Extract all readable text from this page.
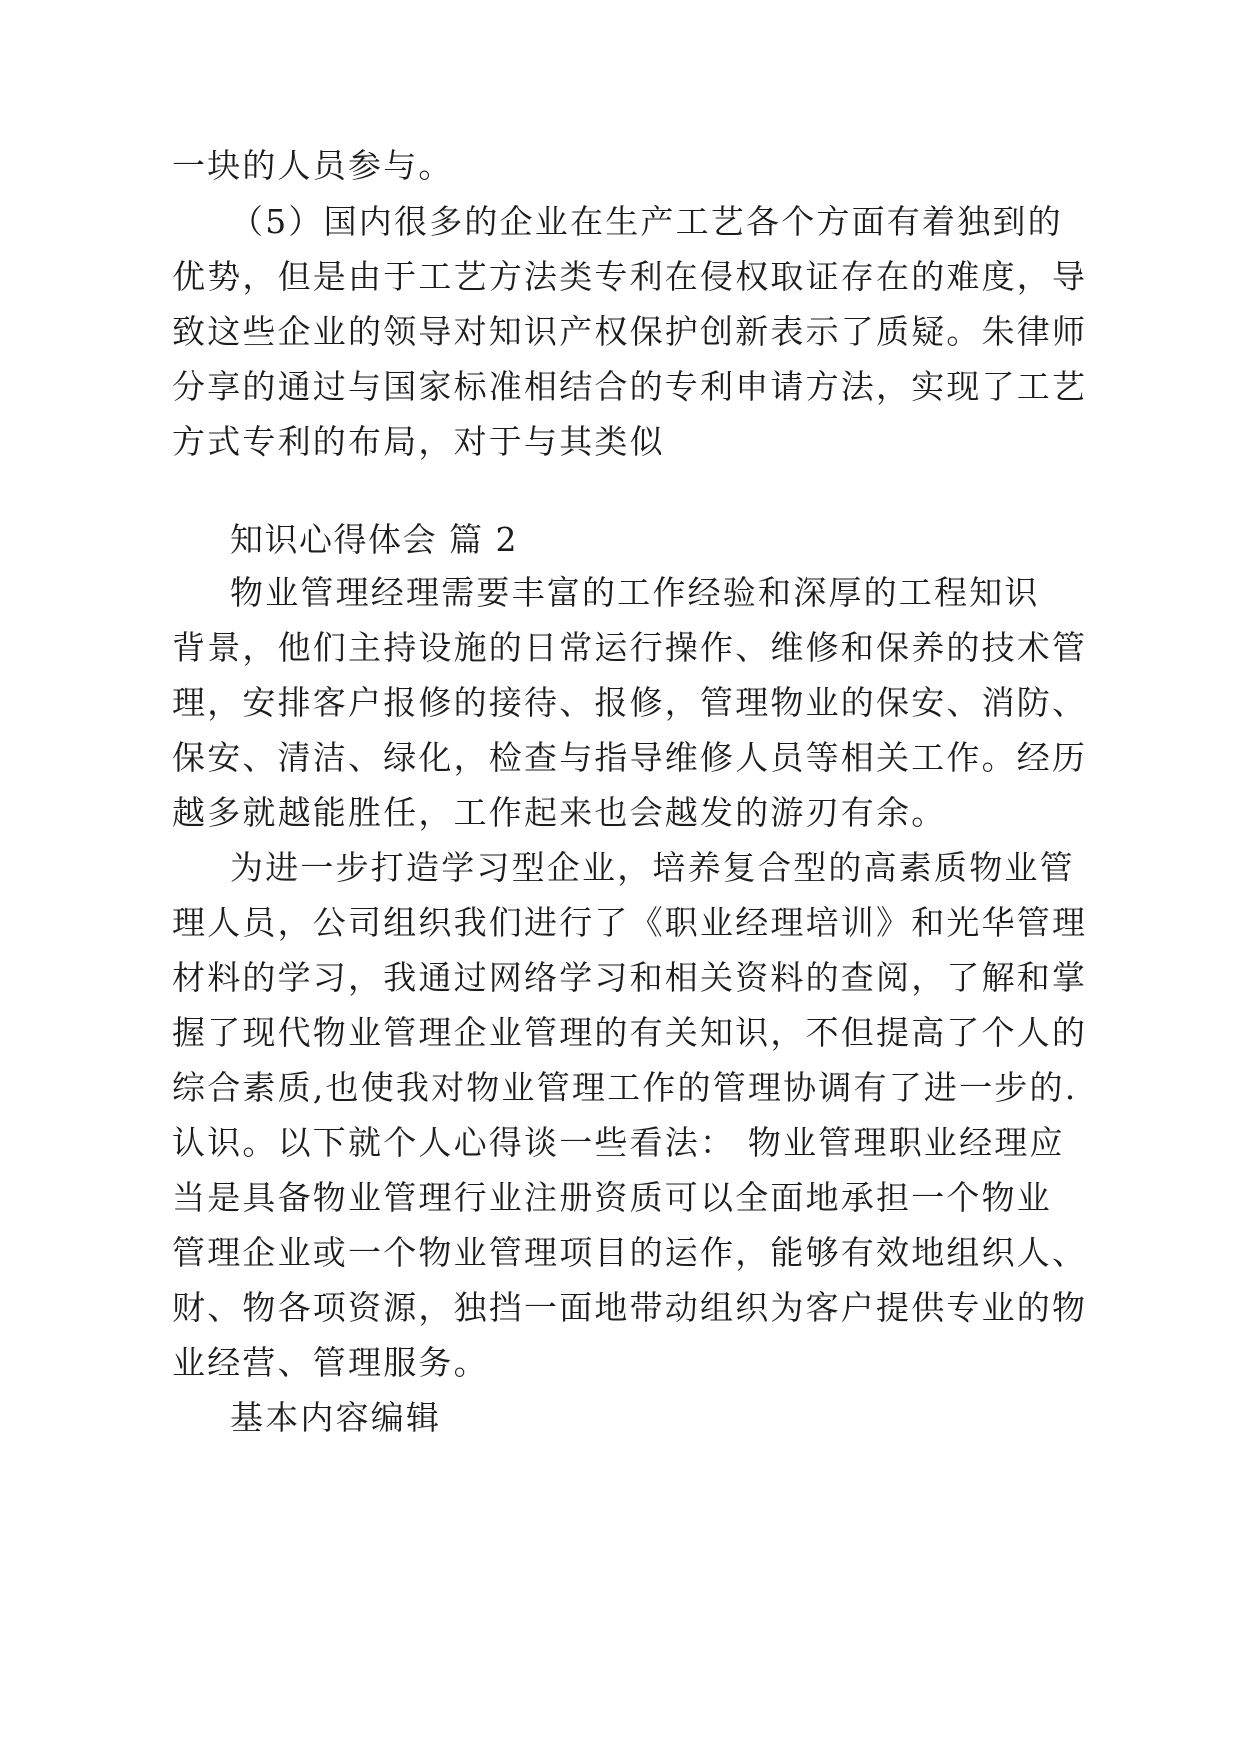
一块的人员参与。
（5）国内很多的企业在生产工艺各个方面有着独到的
优势，但是由于工艺方法类专利在侵权取证存在的难度，导
致这些企业的领导对知识产权保护创新表示了质疑。朱律师
分享的通过与国家标准相结合的专利申请方法，实现了工艺
方式专利的布局，对于与其类似
知识心得体会 篇 2
物业管理经理需要丰富的工作经验和深厚的工程知识
背景，他们主持设施的日常运行操作、维修和保养的技术管
理，安排客户报修的接待、报修，管理物业的保安、消防、
保安、清洁、绿化，检查与指导维修人员等相关工作。经历
越多就越能胜任，工作起来也会越发的游刃有余。
为进一步打造学习型企业，培养复合型的高素质物业管
理人员，公司组织我们进行了《职业经理培训》和光华管理
材料的学习，我通过网络学习和相关资料的查阅，了解和掌
握了现代物业管理企业管理的有关知识，不但提高了个人的
综合素质,也使我对物业管理工作的管理协调有了进一步的.
认识。以下就个人心得谈一些看法： 物业管理职业经理应
当是具备物业管理行业注册资质可以全面地承担一个物业
管理企业或一个物业管理项目的运作，能够有效地组织人、
财、物各项资源，独挡一面地带动组织为客户提供专业的物
业经营、管理服务。
基本内容编辑
